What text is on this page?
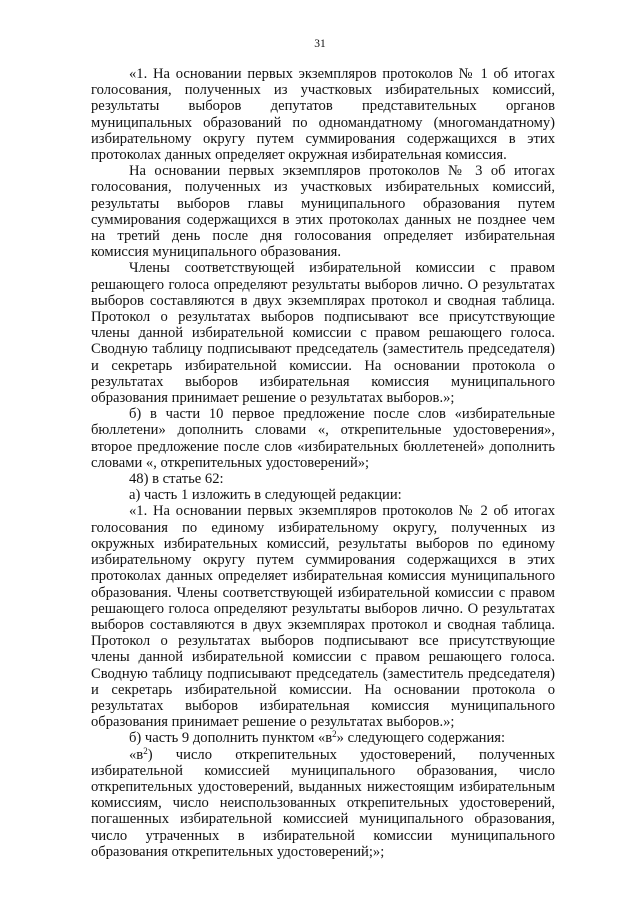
31

«1. На основании первых экземпляров протоколов № 1 об итогах голосования, полученных из участковых избирательных комиссий, результаты выборов депутатов представительных органов муниципальных образований по одномандатному (многомандатному) избирательному округу путем суммирования содержащихся в этих протоколах данных определяет окружная избирательная комиссия.

На основании первых экземпляров протоколов № 3 об итогах голосования, полученных из участковых избирательных комиссий, результаты выборов главы муниципального образования путем суммирования содержащихся в этих протоколах данных не позднее чем на третий день после дня голосования определяет избирательная комиссия муниципального образования.

Члены соответствующей избирательной комиссии с правом решающего голоса определяют результаты выборов лично. О результатах выборов составляются в двух экземплярах протокол и сводная таблица. Протокол о результатах выборов подписывают все присутствующие члены данной избирательной комиссии с правом решающего голоса. Сводную таблицу подписывают председатель (заместитель председателя) и секретарь избирательной комиссии. На основании протокола о результатах выборов избирательная комиссия муниципального образования принимает решение о результатах выборов.»;

б) в части 10 первое предложение после слов «избирательные бюллетени» дополнить словами «, открепительные удостоверения», второе предложение после слов «избирательных бюллетеней» дополнить словами «, открепительных удостоверений»;

48) в статье 62:

а) часть 1 изложить в следующей редакции:

«1. На основании первых экземпляров протоколов № 2 об итогах голосования по единому избирательному округу, полученных из окружных избирательных комиссий, результаты выборов по единому избирательному округу путем суммирования содержащихся в этих протоколах данных определяет избирательная комиссия муниципального образования. Члены соответствующей избирательной комиссии с правом решающего голоса определяют результаты выборов лично. О результатах выборов составляются в двух экземплярах протокол и сводная таблица. Протокол о результатах выборов подписывают все присутствующие члены данной избирательной комиссии с правом решающего голоса. Сводную таблицу подписывают председатель (заместитель председателя) и секретарь избирательной комиссии. На основании протокола о результатах выборов избирательная комиссия муниципального образования принимает решение о результатах выборов.»;

б) часть 9 дополнить пунктом «$в^2$» следующего содержания:

«$в^2$) число открепительных удостоверений, полученных избирательной комиссией муниципального образования, число открепительных удостоверений, выданных нижестоящим избирательным комиссиям, число неиспользованных открепительных удостоверений, погашенных избирательной комиссией муниципального образования, число утраченных в избирательной комиссии муниципального образования открепительных удостоверений;»;
